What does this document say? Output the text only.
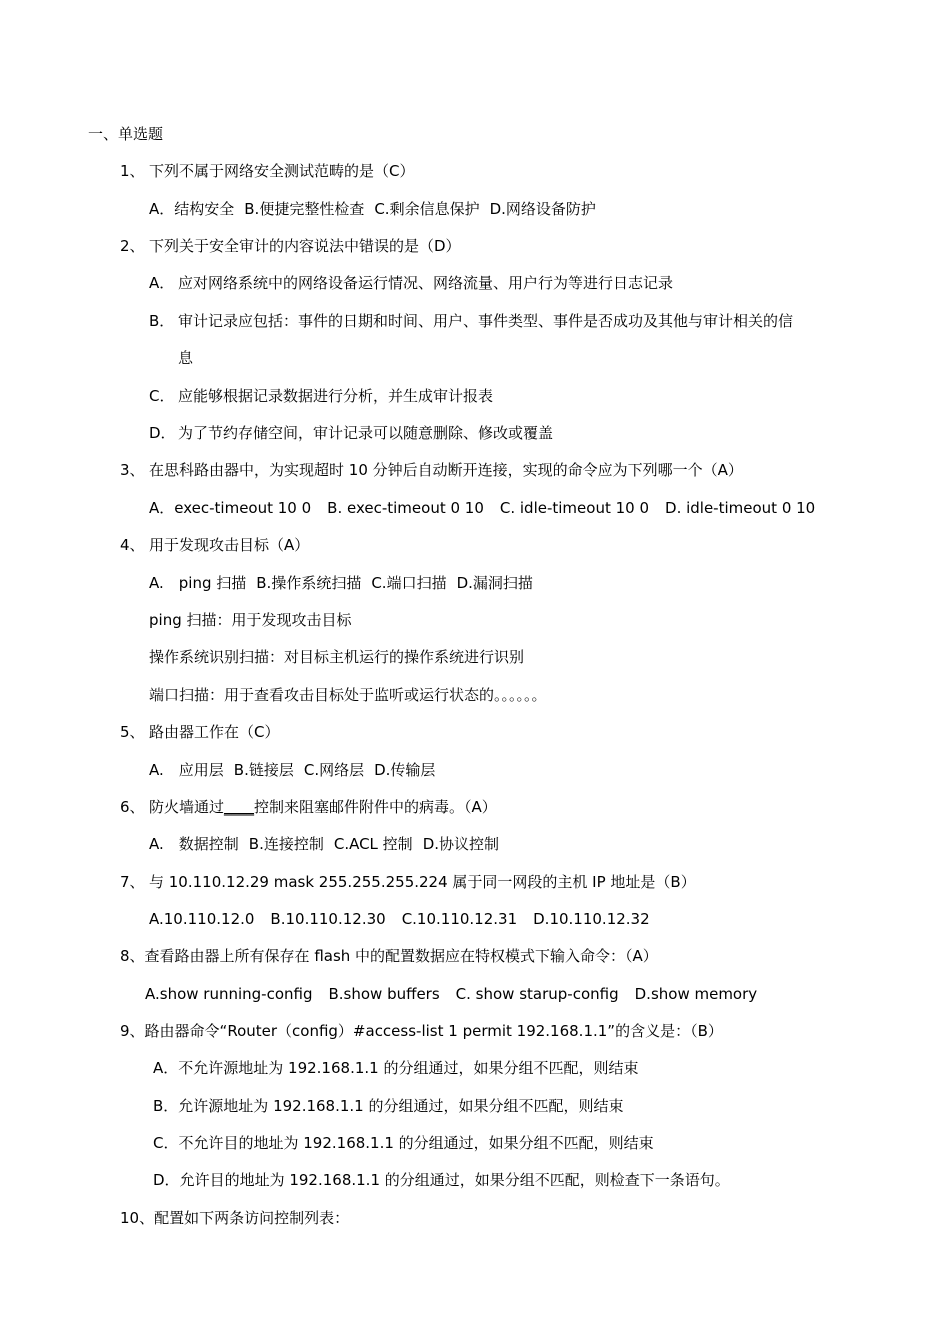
一、单选题
1、 下列不属于网络安全测试范畴的是（C）
A．结构安全 B.便捷完整性检查 C.剩余信息保护 D.网络设备防护
2、 下列关于安全审计的内容说法中错误的是（D）
A． 应对网络系统中的网络设备运行情况、网络流量、用户行为等进行日志记录
B． 审计记录应包括：事件的日期和时间、用户、事件类型、事件是否成功及其他与审计相关的信
息
C． 应能够根据记录数据进行分析，并生成审计报表
D． 为了节约存储空间，审计记录可以随意删除、修改或覆盖
3、 在思科路由器中，为实现超时 10 分钟后自动断开连接，实现的命令应为下列哪一个（A）
A．exec-timeout 10 0 B. exec-timeout 0 10 C. idle-timeout 10 0 D. idle-timeout 0 10
4、 用于发现攻击目标（A）
A.　ping 扫描 B.操作系统扫描 C.端口扫描 D.漏洞扫描
ping 扫描：用于发现攻击目标
操作系统识别扫描：对目标主机运行的操作系统进行识别
端口扫描：用于查看攻击目标处于监听或运行状态的。。。。。。
5、 路由器工作在（C）
A.　应用层 B.链接层 C.网络层 D.传输层
6、 防火墙通过____控制来阻塞邮件附件中的病毒。（A）
A.　数据控制 B.连接控制 C.ACL 控制 D.协议控制
7、 与 10.110.12.29 mask 255.255.255.224 属于同一网段的主机 IP 地址是（B）
A.10.110.12.0 B.10.110.12.30 C.10.110.12.31 D.10.110.12.32
8、查看路由器上所有保存在 flash 中的配置数据应在特权模式下输入命令：（A）
A.show running-config B.show buffers C. show starup-config D.show memory
9、路由器命令“Router（config）#access-list 1 permit 192.168.1.1”的含义是：（B）
A．不允许源地址为 192.168.1.1 的分组通过，如果分组不匹配，则结束
B．允许源地址为 192.168.1.1 的分组通过，如果分组不匹配，则结束
C．不允许目的地址为 192.168.1.1 的分组通过，如果分组不匹配，则结束
D．允许目的地址为 192.168.1.1 的分组通过，如果分组不匹配，则检查下一条语句。
10、配置如下两条访问控制列表：
